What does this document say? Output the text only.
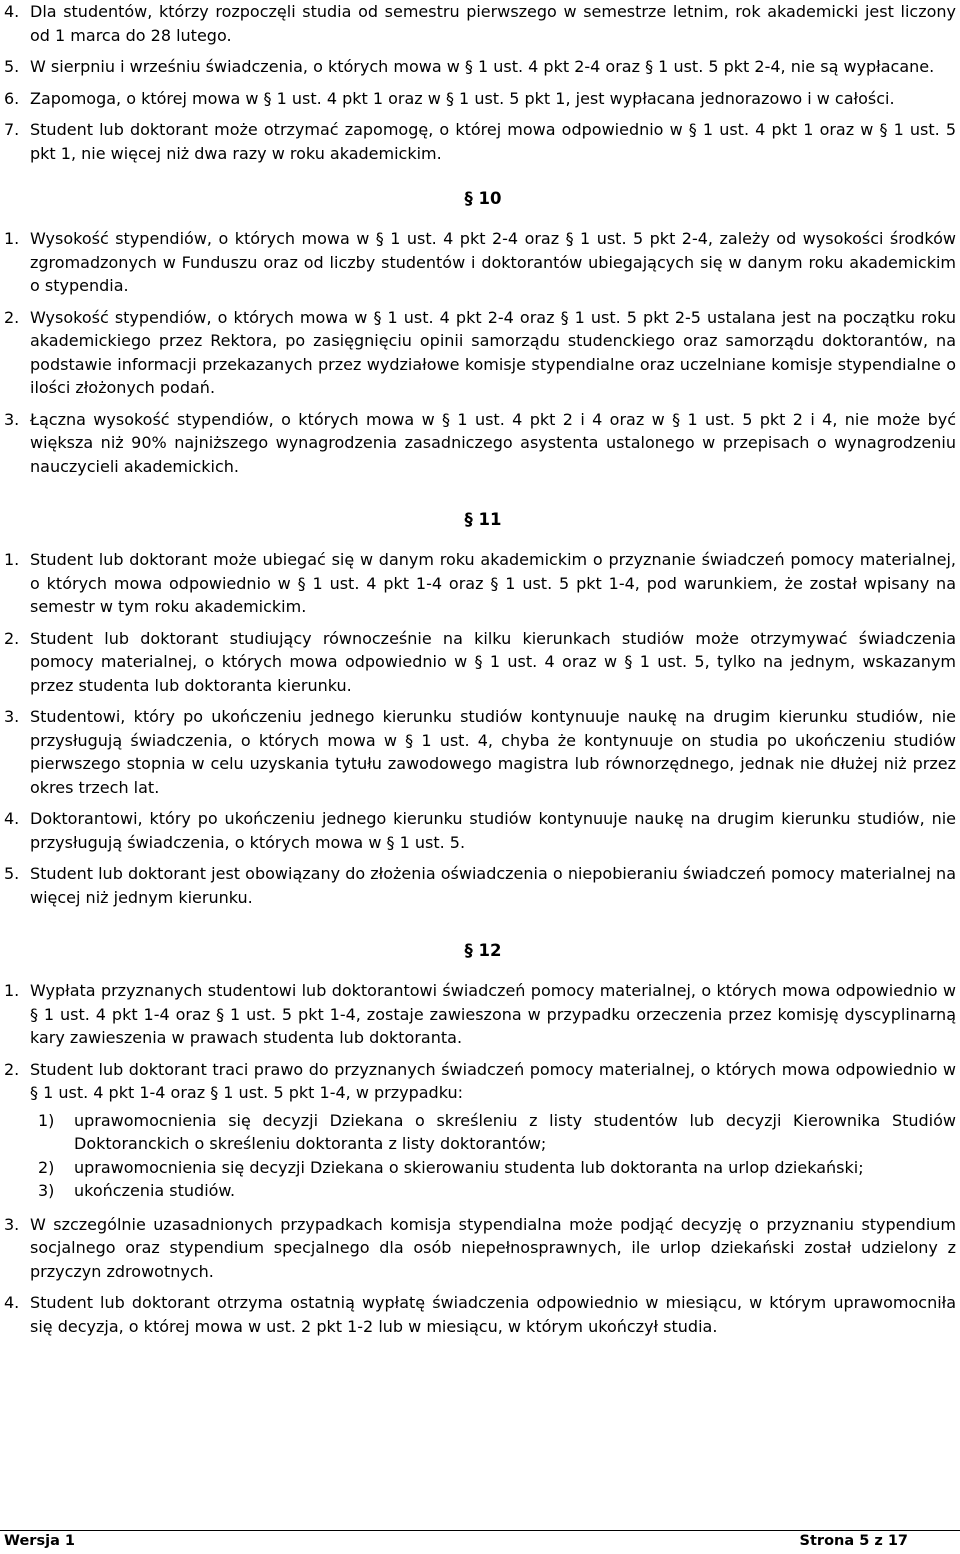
4. Dla studentów, którzy rozpoczęli studia od semestru pierwszego w semestrze letnim, rok akademicki jest liczony od 1 marca do 28 lutego.
5. W sierpniu i wrześniu świadczenia, o których mowa w § 1 ust. 4 pkt 2-4 oraz § 1 ust. 5 pkt 2-4, nie są wypłacane.
6. Zapomoga, o której mowa w § 1 ust. 4 pkt 1 oraz w § 1 ust. 5 pkt 1, jest wypłacana jednorazowo i w całości.
7. Student lub doktorant może otrzymać zapomogę, o której mowa odpowiednio w § 1 ust. 4 pkt 1 oraz w § 1 ust. 5 pkt 1, nie więcej niż dwa razy w roku akademickim.
§ 10
1. Wysokość stypendiów, o których mowa w § 1 ust. 4 pkt 2-4 oraz § 1 ust. 5 pkt 2-4, zależy od wysokości środków zgromadzonych w Funduszu oraz od liczby studentów i doktorantów ubiegających się w danym roku akademickim o stypendia.
2. Wysokość stypendiów, o których mowa w § 1 ust. 4 pkt 2-4 oraz § 1 ust. 5 pkt 2-5 ustalana jest na początku roku akademickiego przez Rektora, po zasięgnięciu opinii samorządu studenckiego oraz samorządu doktorantów, na podstawie informacji przekazanych przez wydziałowe komisje stypendialne oraz uczelniane komisje stypendialne o ilości złożonych podań.
3. Łączna wysokość stypendiów, o których mowa w § 1 ust. 4 pkt 2 i 4 oraz w § 1 ust. 5 pkt 2 i 4, nie może być większa niż 90% najniższego wynagrodzenia zasadniczego asystenta ustalonego w przepisach o wynagrodzeniu nauczycieli akademickich.
§ 11
1. Student lub doktorant może ubiegać się w danym roku akademickim o przyznanie świadczeń pomocy materialnej, o których mowa odpowiednio w § 1 ust. 4 pkt 1-4 oraz § 1 ust. 5 pkt 1-4, pod warunkiem, że został wpisany na semestr w tym roku akademickim.
2. Student lub doktorant studiujący równocześnie na kilku kierunkach studiów może otrzymywać świadczenia pomocy materialnej, o których mowa odpowiednio w § 1 ust. 4 oraz w § 1 ust. 5, tylko na jednym, wskazanym przez studenta lub doktoranta kierunku.
3. Studentowi, który po ukończeniu jednego kierunku studiów kontynuuje naukę na drugim kierunku studiów, nie przysługują świadczenia, o których mowa w § 1 ust. 4, chyba że kontynuuje on studia po ukończeniu studiów pierwszego stopnia w celu uzyskania tytułu zawodowego magistra lub równorzędnego, jednak nie dłużej niż przez okres trzech lat.
4. Doktorantowi, który po ukończeniu jednego kierunku studiów kontynuuje naukę na drugim kierunku studiów, nie przysługują świadczenia, o których mowa w § 1 ust. 5.
5. Student lub doktorant jest obowiązany do złożenia oświadczenia o niepobieraniu świadczeń pomocy materialnej na więcej niż jednym kierunku.
§ 12
1. Wypłata przyznanych studentowi lub doktorantowi świadczeń pomocy materialnej, o których mowa odpowiednio w § 1 ust. 4 pkt 1-4 oraz § 1 ust. 5 pkt 1-4, zostaje zawieszona w przypadku orzeczenia przez komisję dyscyplinarną kary zawieszenia w prawach studenta lub doktoranta.
2. Student lub doktorant traci prawo do przyznanych świadczeń pomocy materialnej, o których mowa odpowiednio w § 1 ust. 4 pkt 1-4 oraz § 1 ust. 5 pkt 1-4, w przypadku:
1) uprawomocnienia się decyzji Dziekana o skreśleniu z listy studentów lub decyzji Kierownika Studiów Doktoranckich o skreśleniu doktoranta z listy doktorantów;
2) uprawomocnienia się decyzji Dziekana o skierowaniu studenta lub doktoranta na urlop dziekański;
3) ukończenia studiów.
3. W szczególnie uzasadnionych przypadkach komisja stypendialna może podjąć decyzję o przyznaniu stypendium socjalnego oraz stypendium specjalnego dla osób niepełnosprawnych, ile urlop dziekański został udzielony z przyczyn zdrowotnych.
4. Student lub doktorant otrzyma ostatnią wypłatę świadczenia odpowiednio w miesiącu, w którym uprawomocniła się decyzja, o której mowa w ust. 2 pkt 1-2 lub w miesiącu, w którym ukończył studia.
Wersja 1	Strona 5 z 17
